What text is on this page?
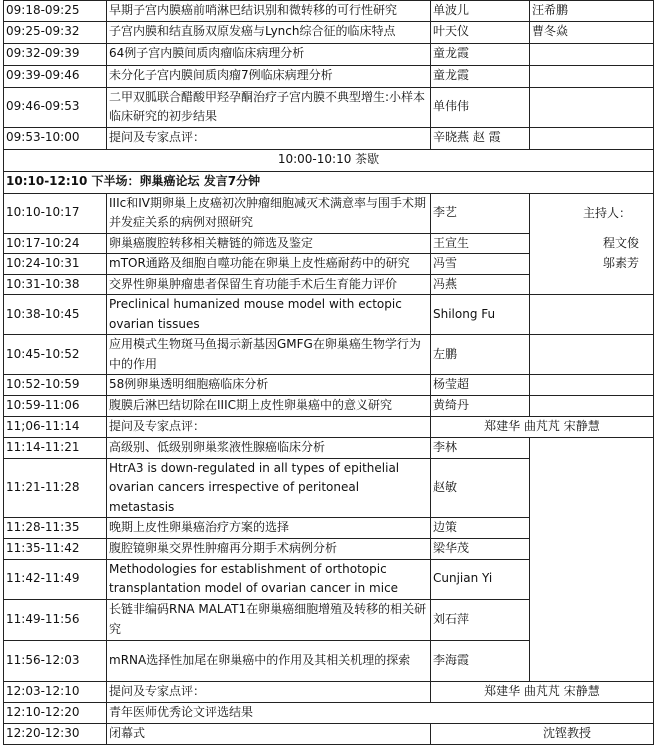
09:18-09:25	早期子宫内膜癌前哨淋巴结识别和微转移的可行性研究	单波儿	汪希鹏
09:25-09:32	子宫内膜和结直肠双原发癌与Lynch综合征的临床特点	叶天仪	曹冬焱
09:32-09:39	64例子宫内膜间质肉瘤临床病理分析	童龙霞	
09:39-09:46	未分化子宫内膜间质肉瘤7例临床病理分析	童龙霞	
09:46-09:53	二甲双胍联合醋酸甲羟孕酮治疗子宫内膜不典型增生:小样本临床研究的初步结果	单伟伟	
09:53-10:00	提问及专家点评：	辛晓燕 赵 霞	
10:00-10:10 茶歇			
10:10-12:10 下半场：卵巢癌论坛 发言7分钟			
10:10-10:17	IIIc和IV期卵巢上皮癌初次肿瘤细胞减灭术满意率与围手术期并发症关系的病例对照研究	李艺	主持人：
10:17-10:24	卵巢癌腹腔转移相关糖链的筛选及鉴定	王宣生	程文俊
10:24-10:31	mTOR通路及细胞自噬功能在卵巢上皮性癌耐药中的研究	冯雪	邬素芳
10:31-10:38	交界性卵巢肿瘤患者保留生育功能手术后生育能力评价	冯燕	
10:38-10:45	Preclinical humanized mouse model with ectopic ovarian tissues	Shilong Fu	
10:45-10:52	应用模式生物斑马鱼揭示新基因GMFG在卵巢癌生物学行为中的作用	左鹏	
10:52-10:59	58例卵巢透明细胞癌临床分析	杨莹超	
10:59-11:06	腹膜后淋巴结切除在IIIC期上皮性卵巢癌中的意义研究	黄绮丹	
11;06-11:14	提问及专家点评：	郑建华 曲芃芃 宋静慧	
11:14-11:21	高级别、低级别卵巢浆液性腺癌临床分析	李林	
11:21-11:28	HtrA3 is down-regulated in all types of epithelial ovarian cancers irrespective of peritoneal metastasis	赵敏	
11:28-11:35	晚期上皮性卵巢癌治疗方案的选择	边策	
11:35-11:42	腹腔镜卵巢交界性肿瘤再分期手术病例分析	梁华茂	
11:42-11:49	Methodologies for establishment of orthotopic transplantation model of ovarian cancer in mice	Cunjian Yi	
11:49-11:56	长链非编码RNA MALAT1在卵巢癌细胞增殖及转移的相关研究	刘石萍	
11:56-12:03	mRNA选择性加尾在卵巢癌中的作用及其相关机理的探索	李海霞	
12:03-12:10	提问及专家点评：	郑建华 曲芃芃 宋静慧	
12:10-12:20	青年医师优秀论文评选结果		
12:20-12:30	闭幕式	沈铿教授	
